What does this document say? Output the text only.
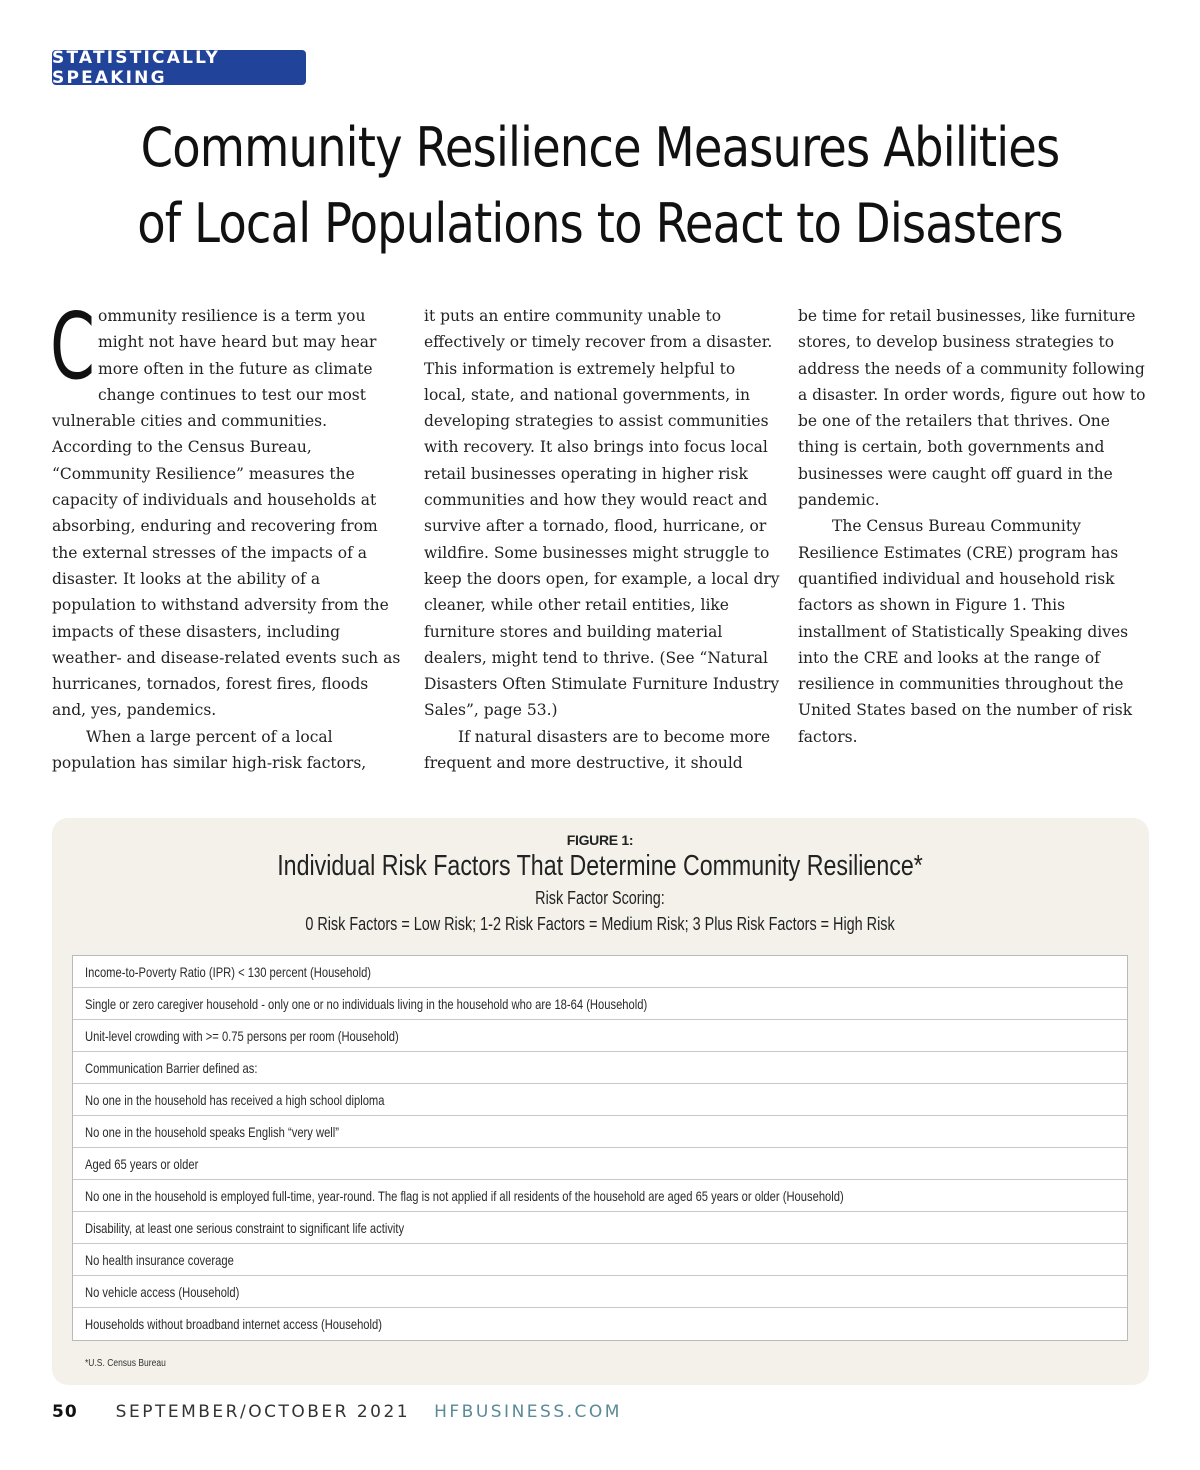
STATISTICALLY SPEAKING
Community Resilience Measures Abilities
of Local Populations to React to Disasters
C ommunity resilience is a term you might not have heard but may hear more often in the future as climate change continues to test our most vulnerable cities and communities. According to the Census Bureau, “Community Resilience” measures the capacity of individuals and households at absorbing, enduring and recovering from the external stresses of the impacts of a disaster. It looks at the ability of a population to withstand adversity from the impacts of these disasters, including weather- and disease-related events such as hurricanes, tornados, forest fires, floods and, yes, pandemics.

When a large percent of a local population has similar high-risk factors,

it puts an entire community unable to effectively or timely recover from a disaster. This information is extremely helpful to local, state, and national governments, in developing strategies to assist communities with recovery. It also brings into focus local retail businesses operating in higher risk communities and how they would react and survive after a tornado, flood, hurricane, or wildfire. Some businesses might struggle to keep the doors open, for example, a local dry cleaner, while other retail entities, like furniture stores and building material dealers, might tend to thrive. (See “Natural Disasters Often Stimulate Furniture Industry Sales”, page 53.)

If natural disasters are to become more frequent and more destructive, it should

be time for retail businesses, like furniture stores, to develop business strategies to address the needs of a community following a disaster. In order words, figure out how to be one of the retailers that thrives. One thing is certain, both governments and businesses were caught off guard in the pandemic.

The Census Bureau Community Resilience Estimates (CRE) program has quantified individual and household risk factors as shown in Figure 1. This installment of Statistically Speaking dives into the CRE and looks at the range of resilience in communities throughout the United States based on the number of risk factors.

FIGURE 1:
Individual Risk Factors That Determine Community Resilience*
Risk Factor Scoring:
0 Risk Factors = Low Risk; 1-2 Risk Factors = Medium Risk; 3 Plus Risk Factors = High Risk
Income-to-Poverty Ratio (IPR) < 130 percent (Household)
Single or zero caregiver household - only one or no individuals living in the household who are 18-64 (Household)
Unit-level crowding with >= 0.75 persons per room (Household)
Communication Barrier defined as:
No one in the household has received a high school diploma
No one in the household speaks English “very well”
Aged 65 years or older
No one in the household is employed full-time, year-round. The flag is not applied if all residents of the household are aged 65 years or older (Household)
Disability, at least one serious constraint to significant life activity
No health insurance coverage
No vehicle access (Household)
Households without broadband internet access (Household)
*U.S. Census Bureau
50 SEPTEMBER/OCTOBER 2021 HFBUSINESS.COM
